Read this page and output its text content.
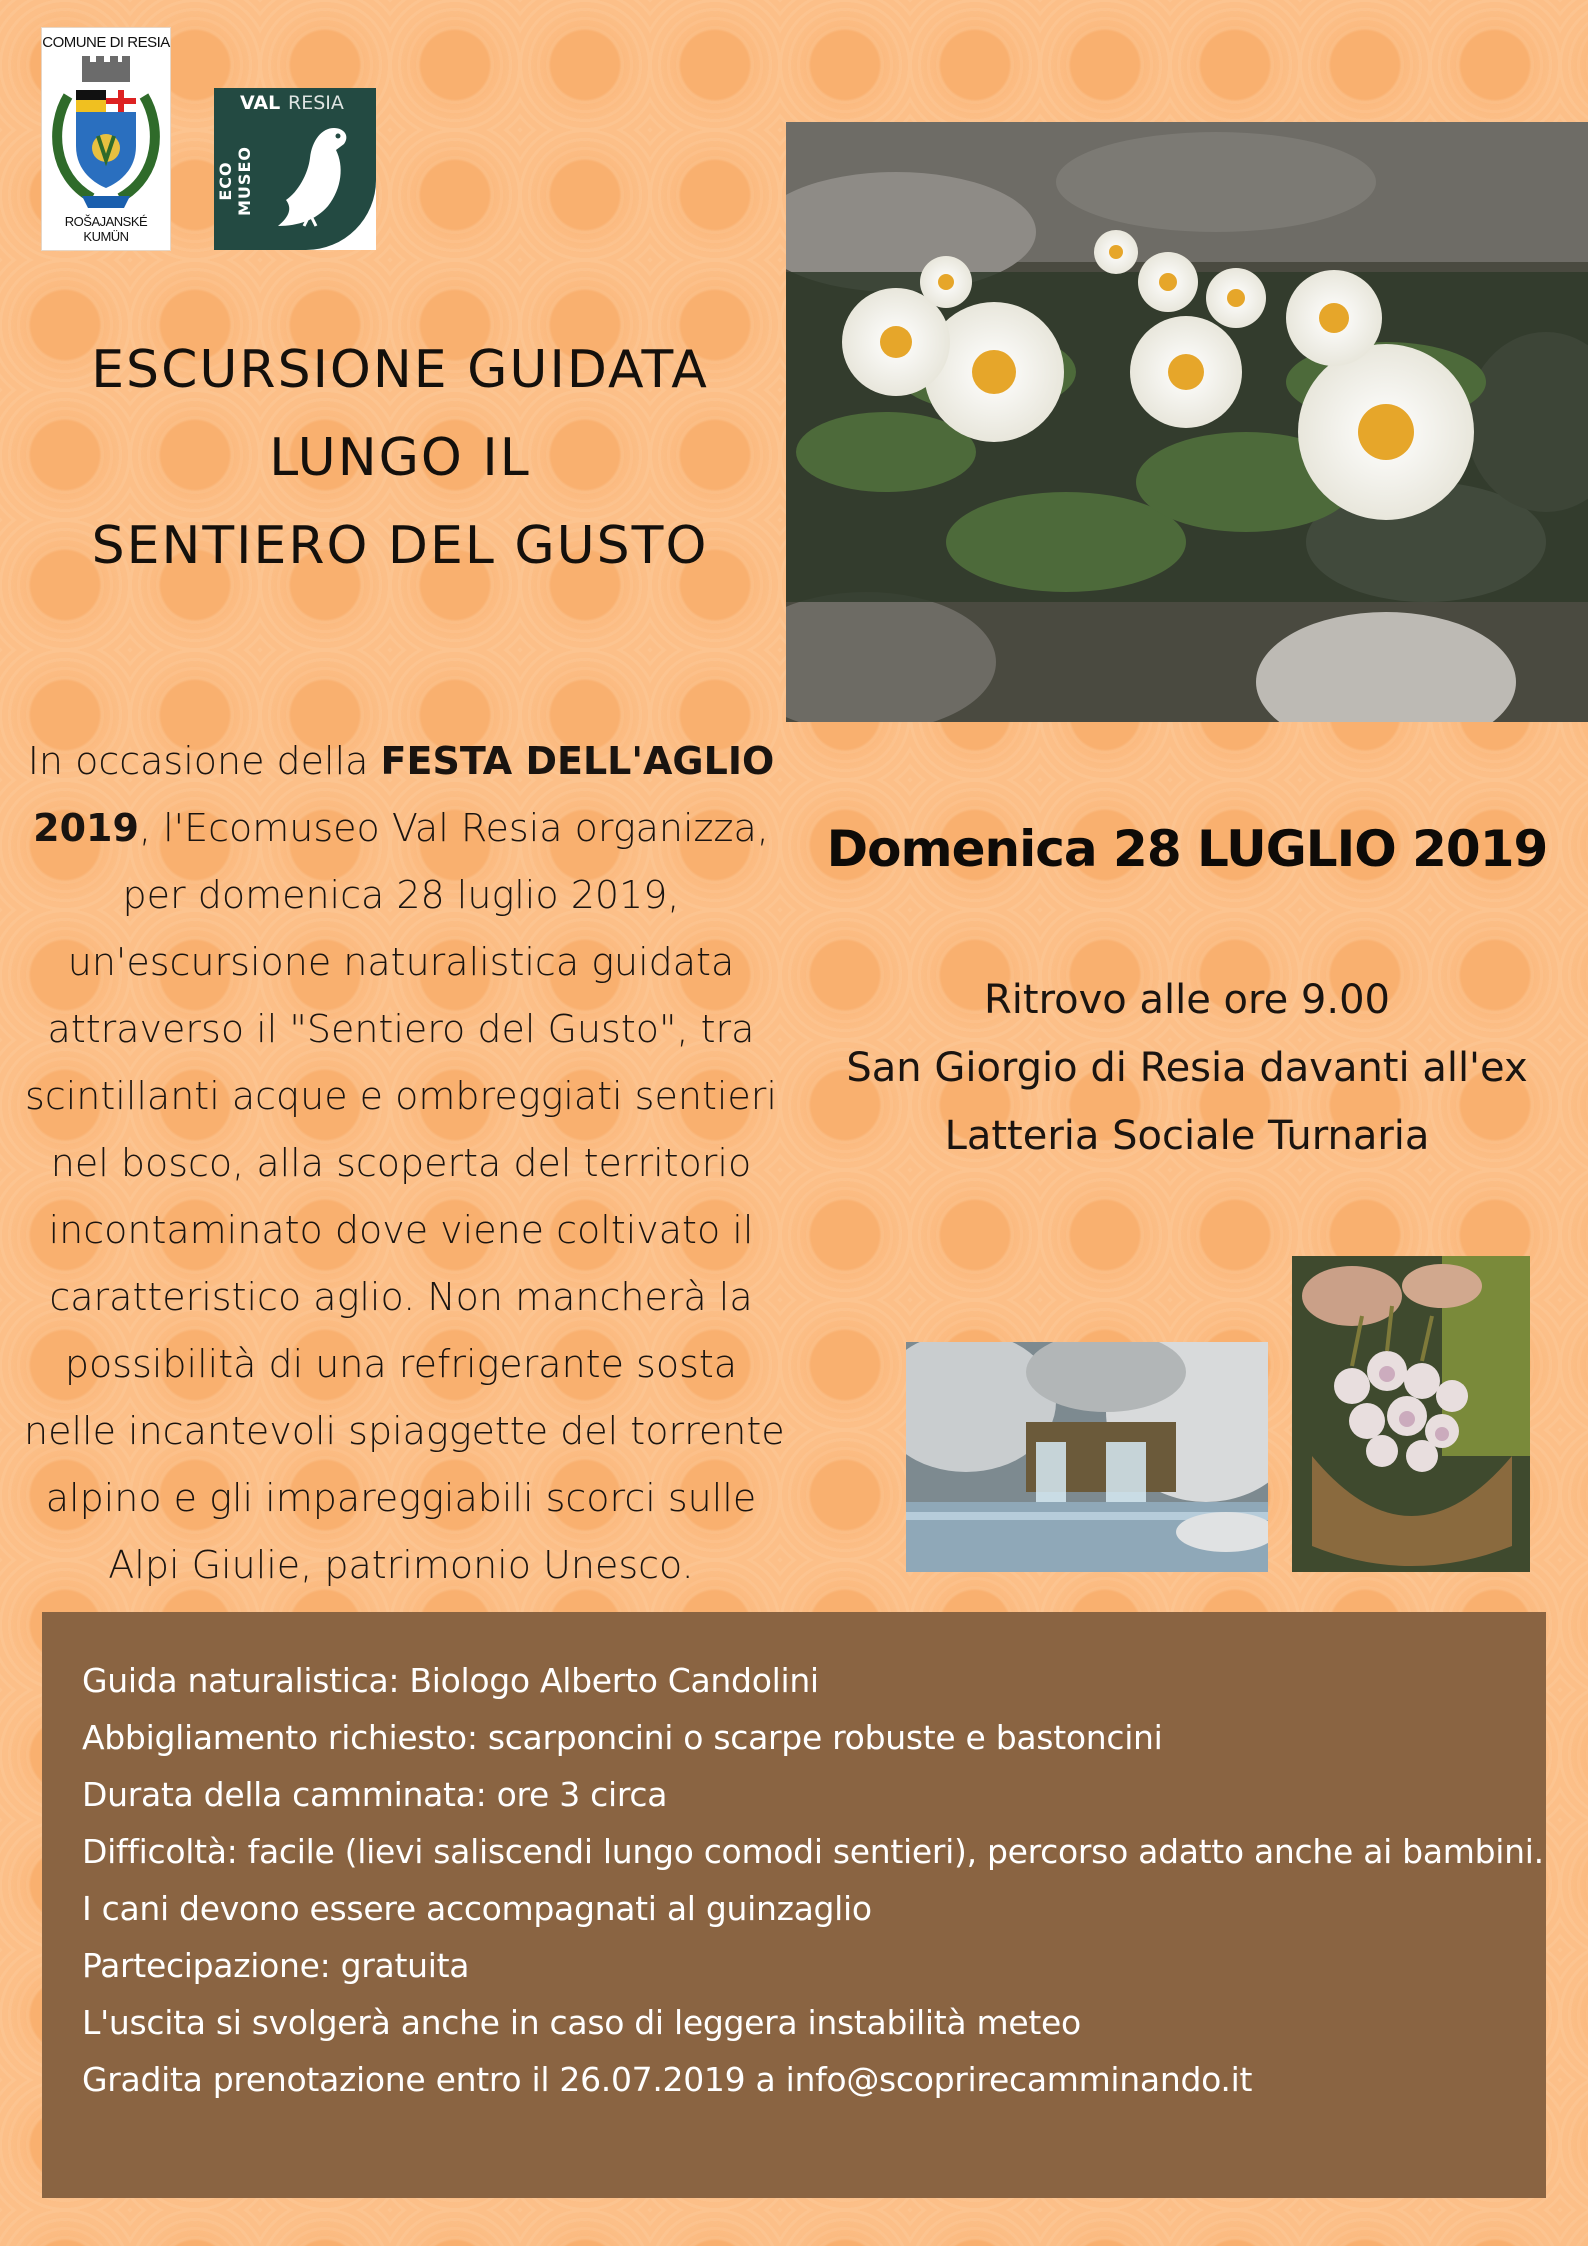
COMUNE DI RESIA
ROŠAJANSKÉ KUMÜN
VAL RESIA
ECO MUSEO
ESCURSIONE GUIDATA
LUNGO IL
SENTIERO DEL GUSTO
In occasione della FESTA DELL'AGLIO
2019, l'Ecomuseo Val Resia organizza,
per domenica 28 luglio 2019,
un'escursione naturalistica guidata
attraverso il "Sentiero del Gusto", tra
scintillanti acque e ombreggiati sentieri
nel bosco, alla scoperta del territorio
incontaminato dove viene coltivato il
caratteristico aglio. Non mancherà la
possibilità di una refrigerante sosta
nelle incantevoli spiaggette del torrente
alpino e gli impareggiabili scorci sulle
Alpi Giulie, patrimonio Unesco.
Domenica 28 LUGLIO 2019
Ritrovo alle ore 9.00
San Giorgio di Resia davanti all'ex
Latteria Sociale Turnaria
Guida naturalistica: Biologo Alberto Candolini
Abbigliamento richiesto: scarponcini o scarpe robuste e bastoncini
Durata della camminata: ore 3 circa
Difficoltà: facile (lievi saliscendi lungo comodi sentieri), percorso adatto anche ai bambini.
I cani devono essere accompagnati al guinzaglio
Partecipazione: gratuita
L'uscita si svolgerà anche in caso di leggera instabilità meteo
Gradita prenotazione entro il 26.07.2019 a info@scoprirecamminando.it
